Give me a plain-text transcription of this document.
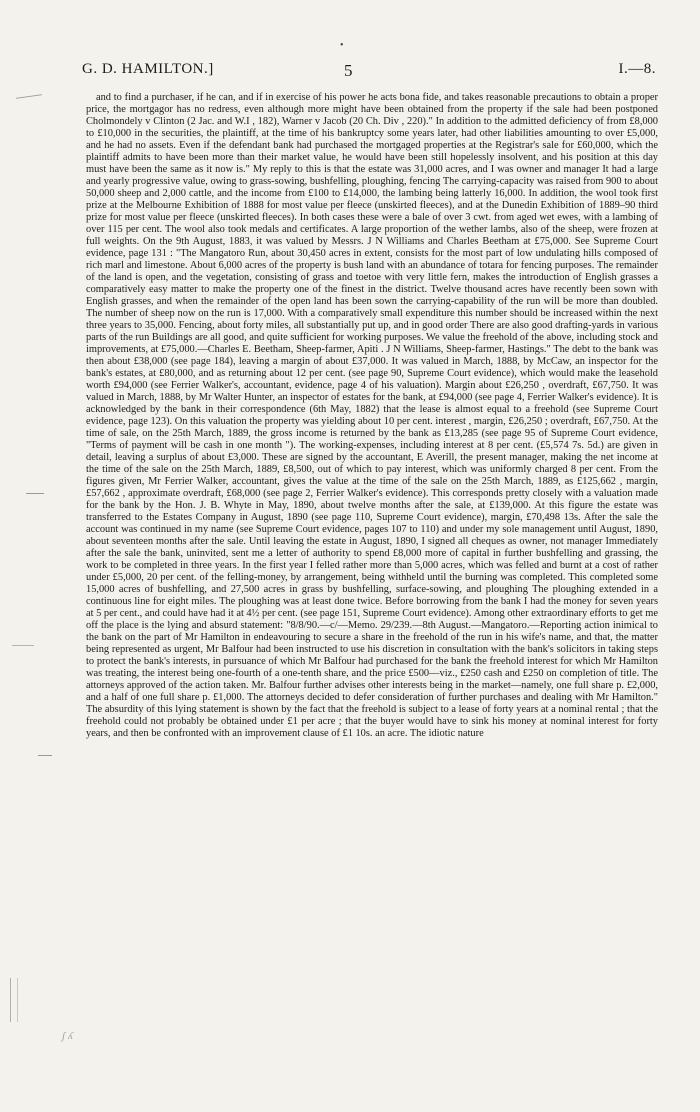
•
G. D. HAMILTON.]	5	I.—8.

and to find a purchaser, if he can, and if in exercise of his power he acts bona fide, and takes reasonable precautions to obtain a proper price, the mortgagor has no redress, even although more might have been obtained from the property if the sale had been postponed Cholmondely v Clinton (2 Jac. and W.I , 182), Warner v Jacob (20 Ch. Div , 220)." In addition to the admitted deficiency of from £8,000 to £10,000 in the securities, the plaintiff, at the time of his bankruptcy some years later, had other liabilities amounting to over £5,000, and he had no assets. Even if the defendant bank had purchased the mortgaged properties at the Registrar's sale for £60,000, which the plaintiff admits to have been more than their market value, he would have been still hopelessly insolvent, and his position at this day must have been the same as it now is." My reply to this is that the estate was 31,000 acres, and I was owner and manager It had a large and yearly progressive value, owing to grass-sowing, bushfelling, ploughing, fencing The carrying-capacity was raised from 900 to about 50,000 sheep and 2,000 cattle, and the income from £100 to £14,000, the lambing being latterly 16,000. In addition, the wool took first prize at the Melbourne Exhibition of 1888 for most value per fleece (unskirted fleeces), and at the Dunedin Exhibition of 1889–90 third prize for most value per fleece (unskirted fleeces). In both cases these were a bale of over 3 cwt. from aged wet ewes, with a lambing of over 115 per cent. The wool also took medals and certificates. A large proportion of the wether lambs, also of the sheep, were frozen at full weights. On the 9th August, 1883, it was valued by Messrs. J N Williams and Charles Beetham at £75,000. See Supreme Court evidence, page 131 : "The Mangatoro Run, about 30,450 acres in extent, consists for the most part of low undulating hills composed of rich marl and limestone. About 6,000 acres of the property is bush land with an abundance of totara for fencing purposes. The remainder of the land is open, and the vegetation, consisting of grass and toetoe with very little fern, makes the introduction of English grasses a comparatively easy matter to make the property one of the finest in the district. Twelve thousand acres have recently been sown with English grasses, and when the remainder of the open land has been sown the carrying-capability of the run will be more than doubled. The number of sheep now on the run is 17,000. With a comparatively small expenditure this number should be increased within the next three years to 35,000. Fencing, about forty miles, all substantially put up, and in good order There are also good drafting-yards in various parts of the run Buildings are all good, and quite sufficient for working purposes. We value the freehold of the above, including stock and improvements, at £75,000.—Charles E. Beetham, Sheep-farmer, Apiti . J N Williams, Sheep-farmer, Hastings." The debt to the bank was then about £38,000 (see page 184), leaving a margin of about £37,000. It was valued in March, 1888, by McCaw, an inspector for the bank's estates, at £80,000, and as returning about 12 per cent. (see page 90, Supreme Court evidence), which would make the leasehold worth £94,000 (see Ferrier Walker's, accountant, evidence, page 4 of his valuation). Margin about £26,250 , overdraft, £67,750. It was valued in March, 1888, by Mr Walter Hunter, an inspector of estates for the bank, at £94,000 (see page 4, Ferrier Walker's evidence). It is acknowledged by the bank in their correspondence (6th May, 1882) that the lease is almost equal to a freehold (see Supreme Court evidence, page 123). On this valuation the property was yielding about 10 per cent. interest , margin, £26,250 ; overdraft, £67,750. At the time of sale, on the 25th March, 1889, the gross income is returned by the bank as £13,285 (see page 95 of Supreme Court evidence, "Terms of payment will be cash in one month "). The working-expenses, including interest at 8 per cent. (£5,574 7s. 5d.) are given in detail, leaving a surplus of about £3,000. These are signed by the accountant, E Averill, the present manager, making the net income at the time of the sale on the 25th March, 1889, £8,500, out of which to pay interest, which was uniformly charged 8 per cent. From the figures given, Mr Ferrier Walker, accountant, gives the value at the time of the sale on the 25th March, 1889, as £125,662 , margin, £57,662 , approximate overdraft, £68,000 (see page 2, Ferrier Walker's evidence). This corresponds pretty closely with a valuation made for the bank by the Hon. J. B. Whyte in May, 1890, about twelve months after the sale, at £139,000. At this figure the estate was transferred to the Estates Company in August, 1890 (see page 110, Supreme Court evidence), margin, £70,498 13s. After the sale the account was continued in my name (see Supreme Court evidence, pages 107 to 110) and under my sole management until August, 1890, about seventeen months after the sale. Until leaving the estate in August, 1890, I signed all cheques as owner, not manager Immediately after the sale the bank, uninvited, sent me a letter of authority to spend £8,000 more of capital in further bushfelling and grassing, the work to be completed in three years. In the first year I felled rather more than 5,000 acres, which was felled and burnt at a cost of rather under £5,000, 20 per cent. of the felling-money, by arrangement, being withheld until the burning was completed. This completed some 15,000 acres of bushfelling, and 27,500 acres in grass by bushfelling, surface-sowing, and ploughing The ploughing extended in a continuous line for eight miles. The ploughing was at least done twice. Before borrowing from the bank I had the money for seven years at 5 per cent., and could have had it at 4½ per cent. (see page 151, Supreme Court evidence). Among other extraordinary efforts to get me off the place is the lying and absurd statement: "8/8/90.—c/—Memo. 29/239.—8th August.—Mangatoro.—Reporting action inimical to the bank on the part of Mr Hamilton in endeavouring to secure a share in the freehold of the run in his wife's name, and that, the matter being represented as urgent, Mr Balfour had been instructed to use his discretion in consultation with the bank's solicitors in taking steps to protect the bank's interests, in pursuance of which Mr Balfour had purchased for the bank the freehold interest for which Mr Hamilton was treating, the interest being one-fourth of a one-tenth share, and the price £500—viz., £250 cash and £250 on completion of title. The attorneys approved of the action taken. Mr. Balfour further advises other interests being in the market—namely, one full share p. £2,000, and a half of one full share p. £1,000. The attorneys decided to defer consideration of further purchases and dealing with Mr Hamilton." The absurdity of this lying statement is shown by the fact that the freehold is subject to a lease of forty years at a nominal rental ; that the freehold could not probably be obtained under £1 per acre ; that the buyer would have to sink his money at nominal interest for forty years, and then be confronted with an improvement clause of £1 10s. an acre. The idiotic nature

ʃ ʎ
